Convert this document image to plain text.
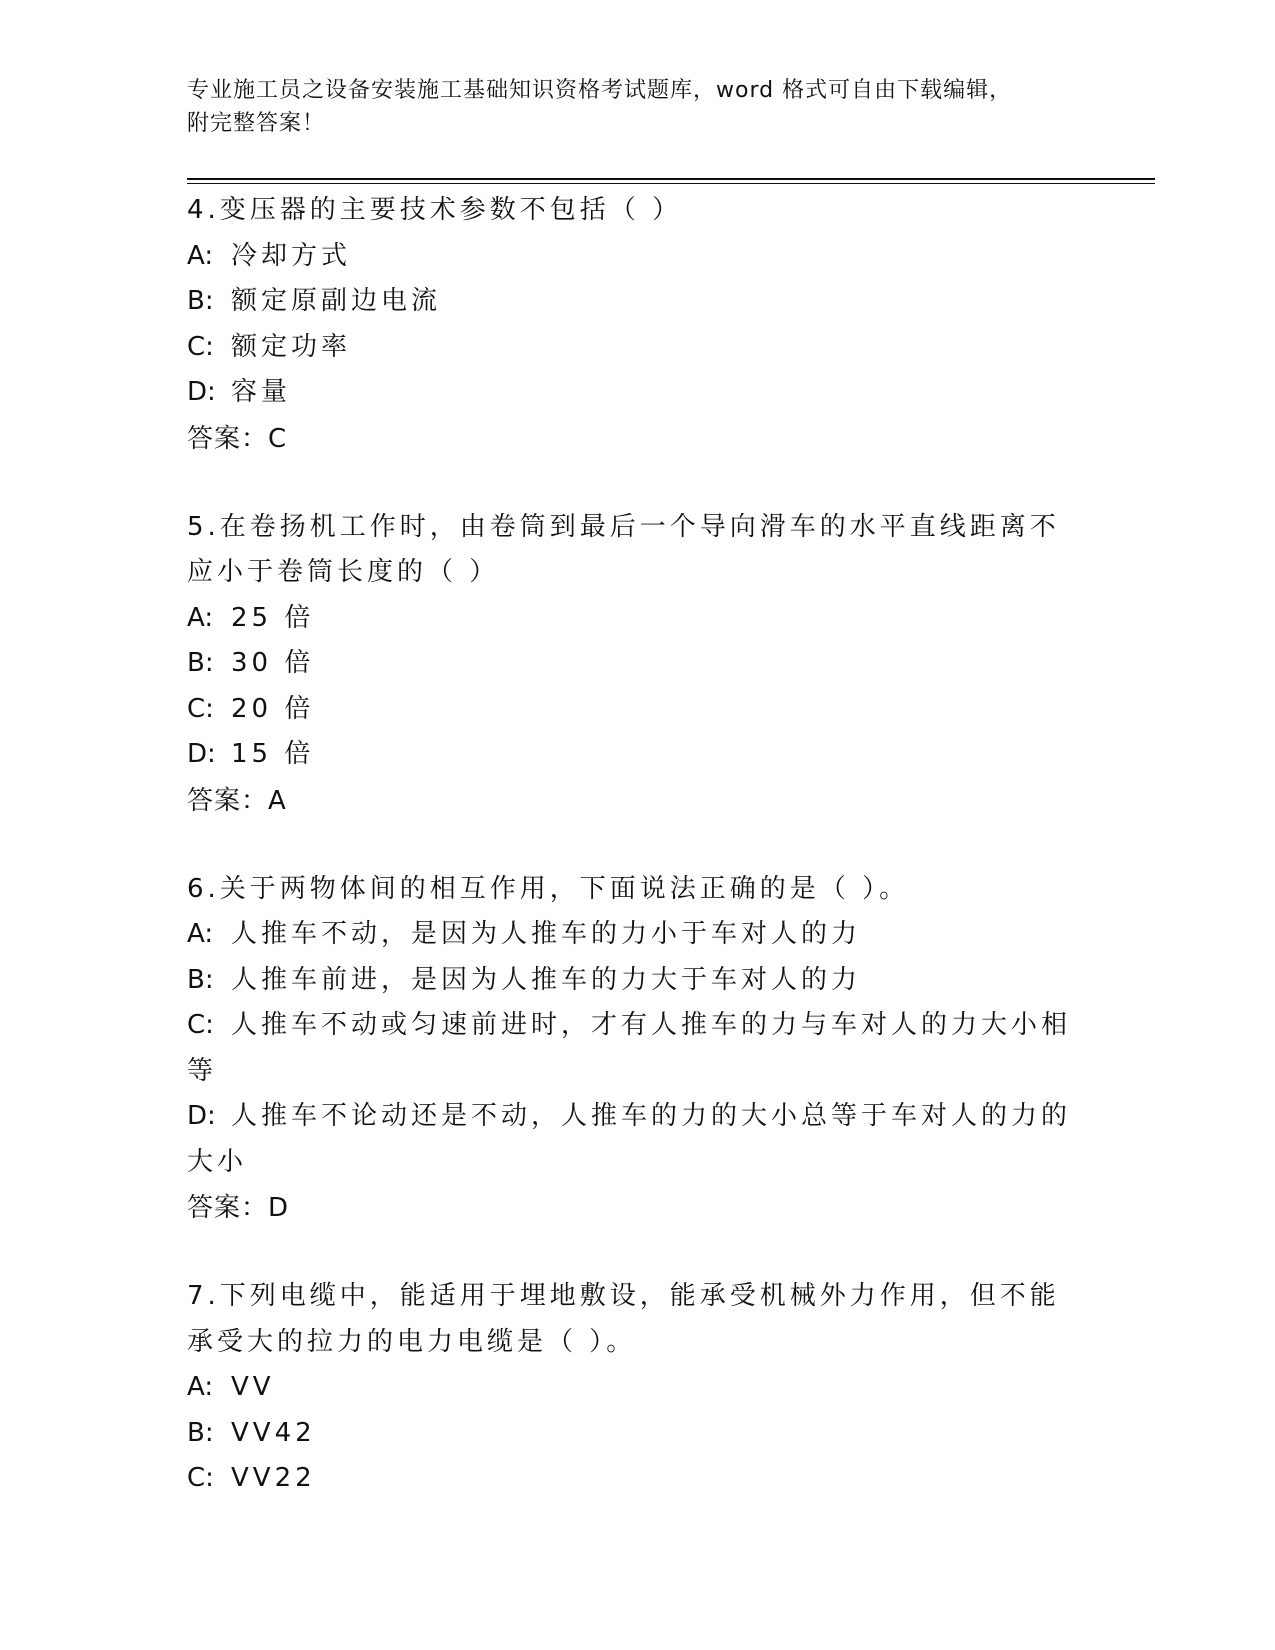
专业施工员之设备安装施工基础知识资格考试题库，word 格式可自由下载编辑，
附完整答案！

4.变压器的主要技术参数不包括（ ）

A: 冷却方式

B: 额定原副边电流

C: 额定功率

D: 容量

答案：C

5.在卷扬机工作时，由卷筒到最后一个导向滑车的水平直线距离不应小于卷筒长度的（ ）

A: 25 倍

B: 30 倍

C: 20 倍

D: 15 倍

答案：A

6.关于两物体间的相互作用，下面说法正确的是（ ）。

A: 人推车不动，是因为人推车的力小于车对人的力

B: 人推车前进，是因为人推车的力大于车对人的力

C: 人推车不动或匀速前进时，才有人推车的力与车对人的力大小相等

D: 人推车不论动还是不动，人推车的力的大小总等于车对人的力的大小

答案：D

7.下列电缆中，能适用于埋地敷设，能承受机械外力作用，但不能承受大的拉力的电力电缆是（ ）。

A: VV

B: VV42

C: VV22
